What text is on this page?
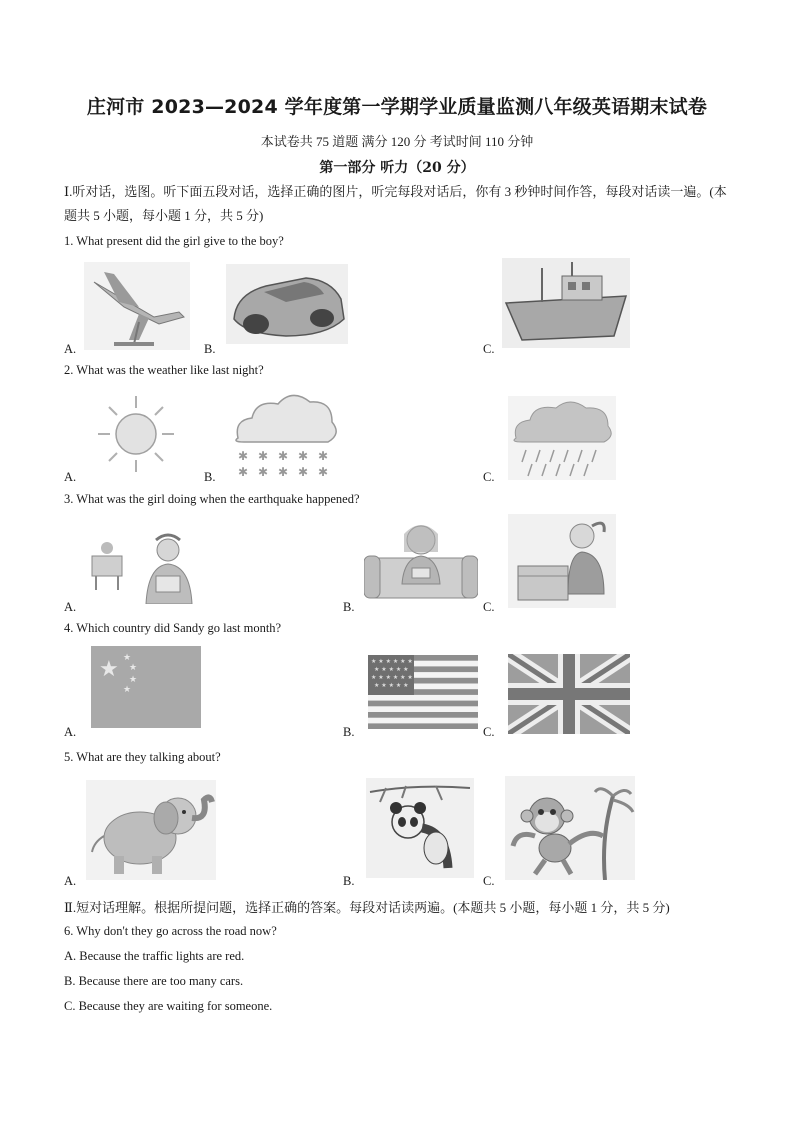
庄河市 2023—2024 学年度第一学期学业质量监测八年级英语期末试卷
本试卷共 75 道题 满分 120 分 考试时间 110 分钟
第一部分 听力（20 分）
Ⅰ.听对话，选图。听下面五段对话，选择正确的图片，听完每段对话后，你有 3 秒钟时间作答，每段对话读一遍。(本题共 5 小题，每小题 1 分，共 5 分)
1. What present did the girl give to the boy?
A.	B.	C.
2. What was the weather like last night?
A.
✱ ✱ ✱ ✱ ✱
✱ ✱ ✱ ✱ ✱
B.	C.
3. What was the girl doing when the earthquake happened?
A.	B.	C.
4. Which country did Sandy go last month?
★ ★
★
★
★
A.
★ ★ ★ ★ ★ ★
★ ★ ★ ★ ★
★ ★ ★ ★ ★ ★
★ ★ ★ ★ ★
B.	C.
5. What are they talking about?
A.	B.	C.
Ⅱ.短对话理解。根据所提问题，选择正确的答案。每段对话读两遍。(本题共 5 小题，每小题 1 分，共 5 分)
6. Why don't they go across the road now?
A. Because the traffic lights are red.
B. Because there are too many cars.
C. Because they are waiting for someone.
